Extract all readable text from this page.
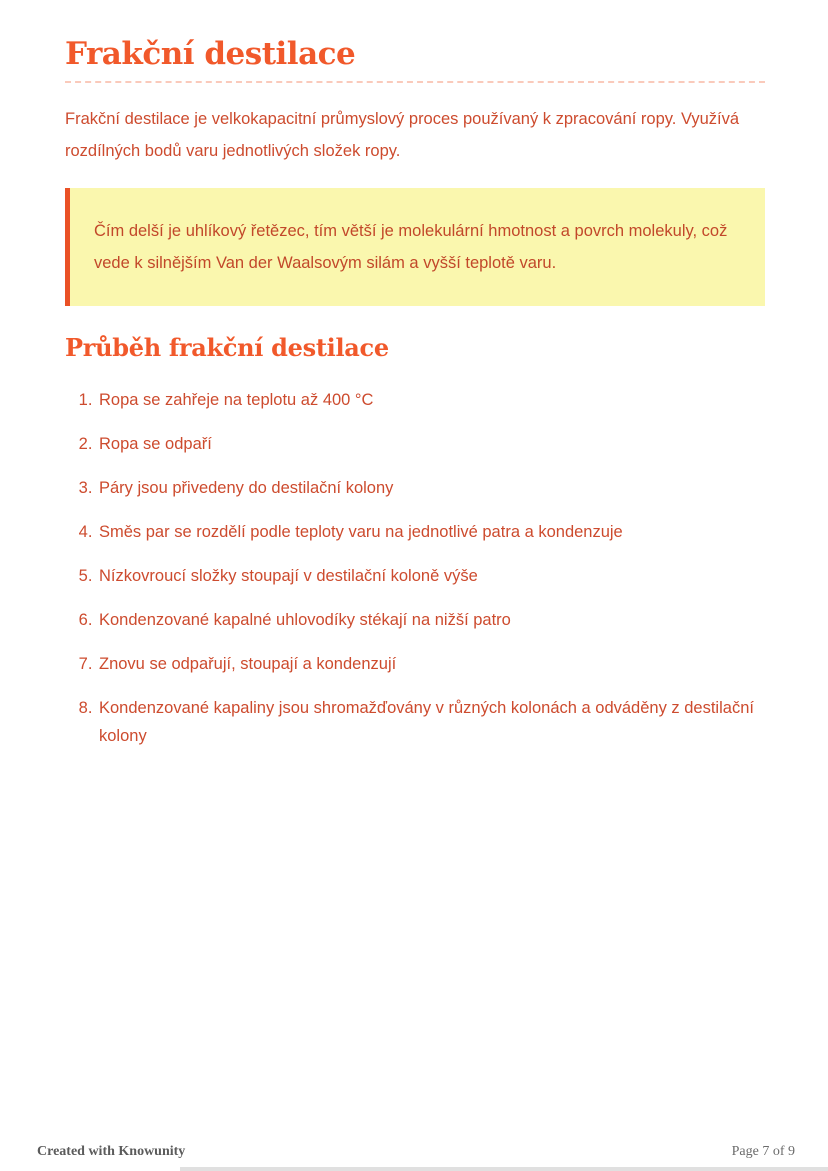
Frakční destilace

Frakční destilace je velkokapacitní průmyslový proces používaný k zpracování ropy. Využívá rozdílných bodů varu jednotlivých složek ropy.

Čím delší je uhlíkový řetězec, tím větší je molekulární hmotnost a povrch molekuly, což vede k silnějším Van der Waalsovým silám a vyšší teplotě varu.

Průběh frakční destilace
1. Ropa se zahřeje na teplotu až 400 °C
2. Ropa se odpaří
3. Páry jsou přivedeny do destilační kolony
4. Směs par se rozdělí podle teploty varu na jednotlivé patra a kondenzuje
5. Nízkovroucí složky stoupají v destilační koloně výše
6. Kondenzované kapalné uhlovodíky stékají na nižší patro
7. Znovu se odpařují, stoupají a kondenzují
8. Kondenzované kapaliny jsou shromažďovány v různých kolonách a odváděny z destilační kolony
Created with Knowunity	Page 7 of 9
